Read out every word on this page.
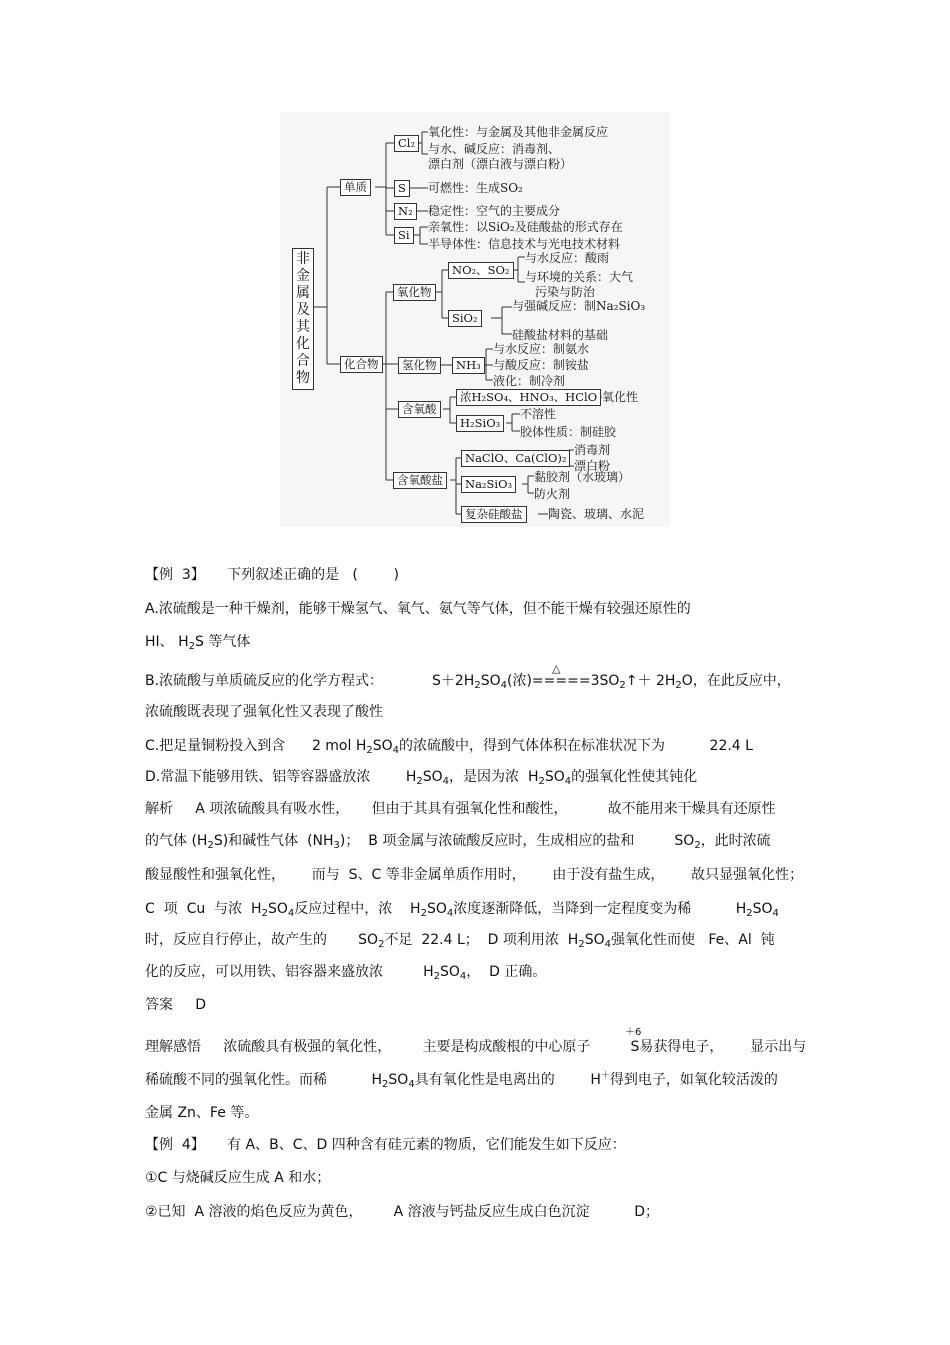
非
金
属
及
其
化
合
物
单质
Cl₂
氧化性：与金属及其他非金属反应
与水、碱反应：消毒剂、
漂白剂（漂白液与漂白粉）
S	可燃性：生成SO₂
N₂	稳定性：空气的主要成分
Si
亲氧性：以SiO₂及硅酸盐的形式存在
半导体性：信息技术与光电技术材料
化合物
氧化物
NO₂、SO₂
与水反应：酸雨
与环境的关系：大气
污染与防治
SiO₂
与强碱反应：制Na₂SiO₃
硅酸盐材料的基础
氢化物	NH₃
与水反应：制氨水
与酸反应：制铵盐
液化：制冷剂
含氧酸
浓H₂SO₄、HNO₃、HClO 氧化性
H₂SiO₃
不溶性
胶体性质：制硅胶
含氧酸盐
NaClO、Ca(ClO)₂
消毒剂
漂白粉
Na₂SiO₃	黏胶剂（水玻璃）
防火剂
复杂硅酸盐	陶瓷、玻璃、水泥
【例  3】 下列叙述正确的是   (        )
A.浓硫酸是一种干燥剂，能够干燥氢气、氧气、氨气等气体，但不能干燥有较强还原性的
HI、 $H_2S$ 等气体
△
B.浓硫酸与单质硫反应的化学方程式：	$S+2H_2SO_4$(浓)$=====3SO_2↑+ 2H_2O$，在此反应中，
浓硫酸既表现了强氧化性又表现了酸性
C.把足量铜粉投入到含 2 mol $H_2SO_4$的浓硫酸中，得到气体体积在标准状况下为	22.4 L
D.常温下能够用铁、铝等容器盛放浓	$H_2SO_4$，是因为浓 $H_2SO_4$的强氧化性使其钝化
解析 A 项浓硫酸具有吸水性， 但由于其具有强氧化性和酸性，	故不能用来干燥具有还原性
的气体 $(H_2S)$和碱性气体  $(NH_3)$；  B 项金属与浓硫酸反应时，生成相应的盐和	$SO_2$，此时浓硫
酸显酸性和强氧化性， 而与  S、C 等非金属单质作用时， 由于没有盐生成， 故只显强氧化性；
C  项  Cu  与浓  $H_2SO_4$反应过程中，浓 $H_2SO_4$浓度逐渐降低，当降到一定程度变为稀	$H_2SO_4$
时，反应自行停止，故产生的 $SO_2$不足  22.4 L；  D 项利用浓  $H_2SO_4$强氧化性而使 Fe、Al  钝
化的反应，可以用铁、铝容器来盛放浓	$H_2SO_4$，  D 正确。
答案 D
＋6
理解感悟 浓硫酸具有极强的氧化性， 主要是构成酸根的中心原子	S易获得电子， 显示出与
稀硫酸不同的强氧化性。而稀	$H_2SO_4$具有氧化性是电离出的	H＋得到电子，如氧化较活泼的
金属 Zn、Fe 等。
【例  4】 有 A、B、C、D 四种含有硅元素的物质，它们能发生如下反应：
①C 与烧碱反应生成 A 和水；
②已知  A 溶液的焰色反应为黄色， A 溶液与钙盐反应生成白色沉淀	D；
